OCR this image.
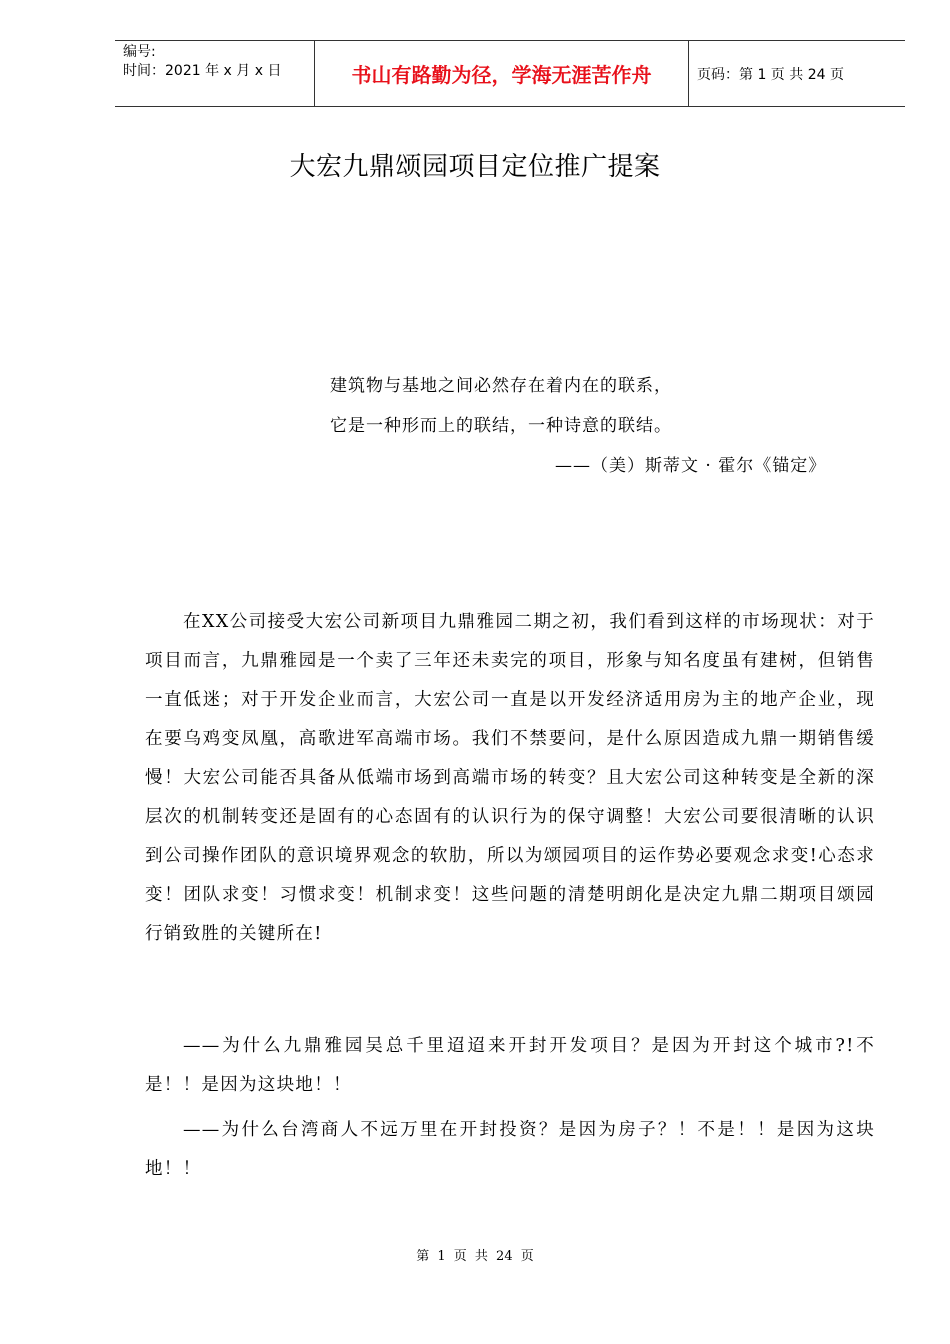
编号:
时间：2021 年 x 月 x 日	书山有路勤为径，学海无涯苦作舟	页码：第 1 页 共 24 页
大宏九鼎颂园项目定位推广提案
建筑物与基地之间必然存在着内在的联系，
它是一种形而上的联结，一种诗意的联结。
——（美）斯蒂文 · 霍尔《锚定》
在XX公司接受大宏公司新项目九鼎雅园二期之初，我们看到这样的市场现状：对于项目而言，九鼎雅园是一个卖了三年还未卖完的项目，形象与知名度虽有建树，但销售一直低迷；对于开发企业而言，大宏公司一直是以开发经济适用房为主的地产企业，现在要乌鸡变凤凰，高歌进军高端市场。我们不禁要问，是什么原因造成九鼎一期销售缓慢！大宏公司能否具备从低端市场到高端市场的转变？且大宏公司这种转变是全新的深层次的机制转变还是固有的心态固有的认识行为的保守调整！大宏公司要很清晰的认识到公司操作团队的意识境界观念的软肋，所以为颂园项目的运作势必要观念求变!心态求变！团队求变！习惯求变！机制求变！这些问题的清楚明朗化是决定九鼎二期项目颂园行销致胜的关键所在!
——为什么九鼎雅园吴总千里迢迢来开封开发项目？是因为开封这个城市?!不是！！是因为这块地！！
——为什么台湾商人不远万里在开封投资？是因为房子？！不是！！是因为这块地！！
第 1 页 共 24 页
